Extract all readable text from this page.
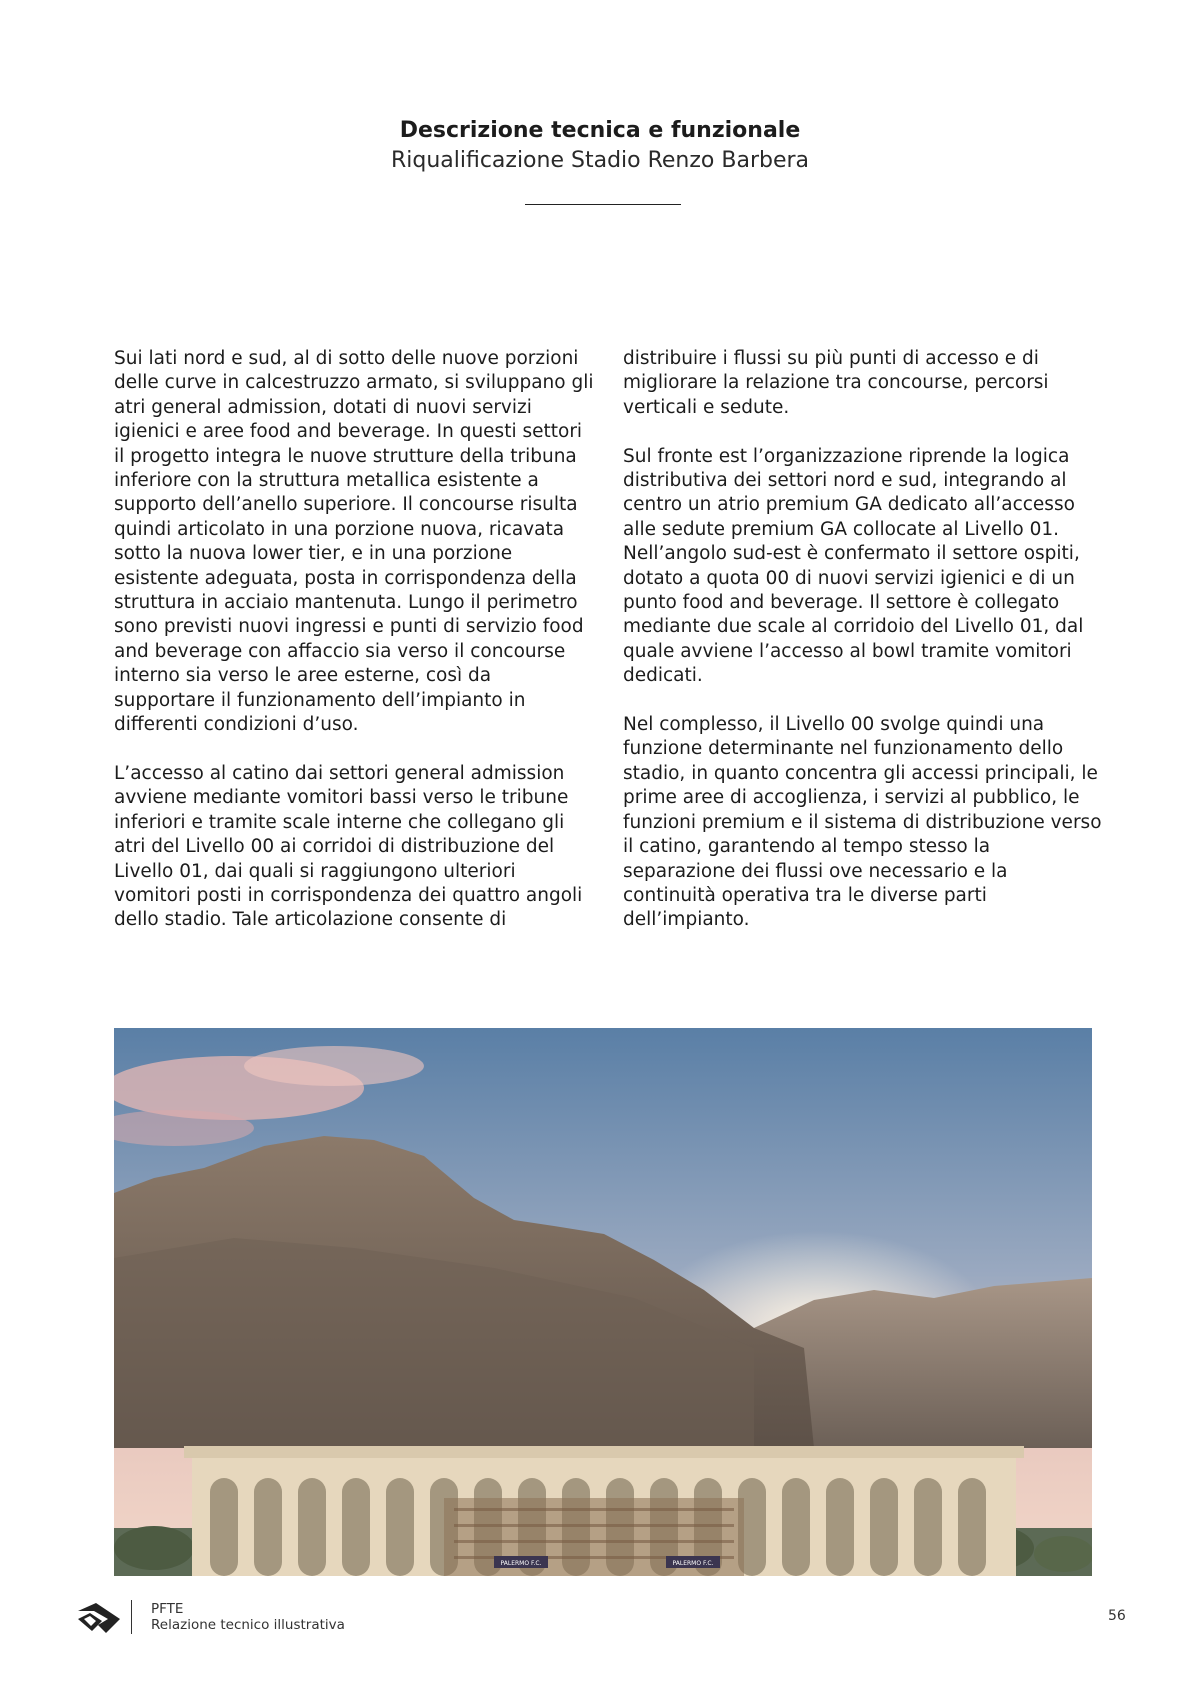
Descrizione tecnica e funzionale
Riqualificazione Stadio Renzo Barbera

Sui lati nord e sud, al di sotto delle nuove porzioni delle curve in calcestruzzo armato, si sviluppano gli atri general admission, dotati di nuovi servizi igienici e aree food and beverage. In questi settori il progetto integra le nuove strutture della tribuna inferiore con la struttura metallica esistente a supporto dell’anello superiore. Il concourse risulta quindi articolato in una porzione nuova, ricavata sotto la nuova lower tier, e in una porzione esistente adeguata, posta in corrispondenza della struttura in acciaio mantenuta. Lungo il perimetro sono previsti nuovi ingressi e punti di servizio food and beverage con affaccio sia verso il concourse interno sia verso le aree esterne, così da supportare il funzionamento dell’impianto in differenti condizioni d’uso.

L’accesso al catino dai settori general admission avviene mediante vomitori bassi verso le tribune inferiori e tramite scale interne che collegano gli atri del Livello 00 ai corridoi di distribuzione del Livello 01, dai quali si raggiungono ulteriori vomitori posti in corrispondenza dei quattro angoli dello stadio. Tale articolazione consente di

distribuire i flussi su più punti di accesso e di migliorare la relazione tra concourse, percorsi verticali e sedute.

Sul fronte est l’organizzazione riprende la logica distributiva dei settori nord e sud, integrando al centro un atrio premium GA dedicato all’accesso alle sedute premium GA collocate al Livello 01. Nell’angolo sud-est è confermato il settore ospiti, dotato a quota 00 di nuovi servizi igienici e di un punto food and beverage. Il settore è collegato mediante due scale al corridoio del Livello 01, dal quale avviene l’accesso al bowl tramite vomitori dedicati.

Nel complesso, il Livello 00 svolge quindi una funzione determinante nel funzionamento dello stadio, in quanto concentra gli accessi principali, le prime aree di accoglienza, i servizi al pubblico, le funzioni premium e il sistema di distribuzione verso il catino, garantendo al tempo stesso la separazione dei flussi ove necessario e la continuità operativa tra le diverse parti dell’impianto.

PALERMO F.C.	PALERMO F.C.
PFTE
Relazione tecnico illustrativa
56
